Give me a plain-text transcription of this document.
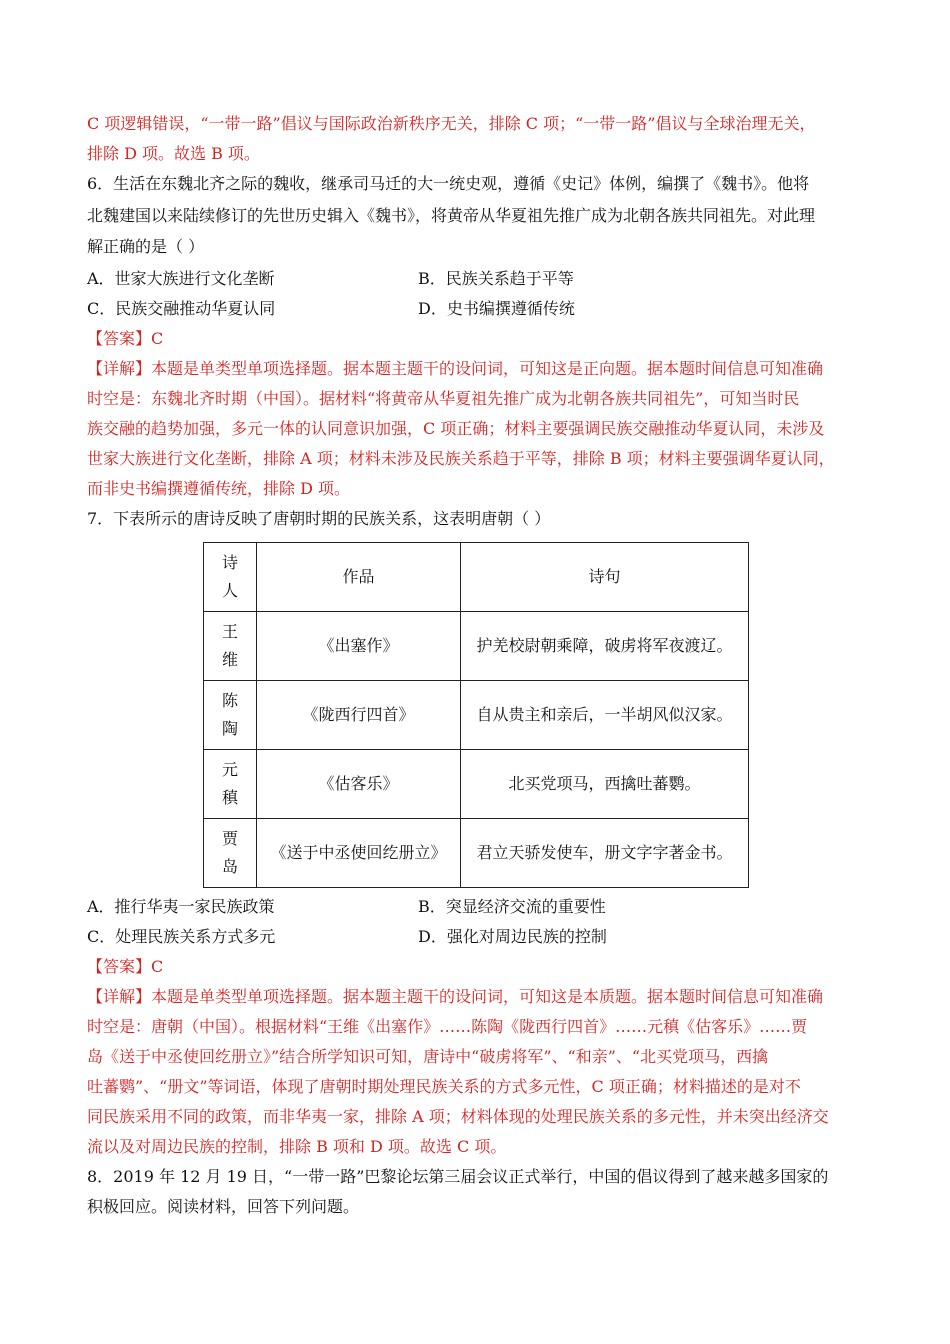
C 项逻辑错误，“一带一路”倡议与国际政治新秩序无关，排除 C 项；“一带一路”倡议与全球治理无关，
排除 D 项。故选 B 项。
6．生活在东魏北齐之际的魏收，继承司马迁的大一统史观，遵循《史记》体例，编撰了《魏书》。他将
北魏建国以来陆续修订的先世历史辑入《魏书》，将黄帝从华夏祖先推广成为北朝各族共同祖先。对此理
解正确的是（ ）
A．世家大族进行文化垄断	B．民族关系趋于平等
C．民族交融推动华夏认同	D．史书编撰遵循传统
【答案】C
【详解】本题是单类型单项选择题。据本题主题干的设问词，可知这是正向题。据本题时间信息可知准确
时空是：东魏北齐时期（中国）。据材料“将黄帝从华夏祖先推广成为北朝各族共同祖先”，可知当时民
族交融的趋势加强，多元一体的认同意识加强，C 项正确；材料主要强调民族交融推动华夏认同，未涉及
世家大族进行文化垄断，排除 A 项；材料未涉及民族关系趋于平等，排除 B 项；材料主要强调华夏认同，
而非史书编撰遵循传统，排除 D 项。
7．下表所示的唐诗反映了唐朝时期的民族关系，这表明唐朝（ ）
诗人	作品	诗句
王维	《出塞作》	护羌校尉朝乘障，破虏将军夜渡辽。
陈陶	《陇西行四首》	自从贵主和亲后，一半胡风似汉家。
元稹	《估客乐》	北买党项马，西擒吐蕃鹦。
贾岛	《送于中丞使回纥册立》	君立天骄发使车，册文字字著金书。
A．推行华夷一家民族政策	B．突显经济交流的重要性
C．处理民族关系方式多元	D．强化对周边民族的控制
【答案】C
【详解】本题是单类型单项选择题。据本题主题干的设问词，可知这是本质题。据本题时间信息可知准确
时空是：唐朝（中国）。根据材料“王维《出塞作》……陈陶《陇西行四首》……元稹《估客乐》……贾
岛《送于中丞使回纥册立》”结合所学知识可知，唐诗中“破虏将军”、“和亲”、“北买党项马，西擒
吐蕃鹦”、“册文”等词语，体现了唐朝时期处理民族关系的方式多元性，C 项正确；材料描述的是对不
同民族采用不同的政策，而非华夷一家，排除 A 项；材料体现的处理民族关系的多元性，并未突出经济交
流以及对周边民族的控制，排除 B 项和 D 项。故选 C 项。
8．2019 年 12 月 19 日，“一带一路”巴黎论坛第三届会议正式举行，中国的倡议得到了越来越多国家的
积极回应。阅读材料，回答下列问题。
